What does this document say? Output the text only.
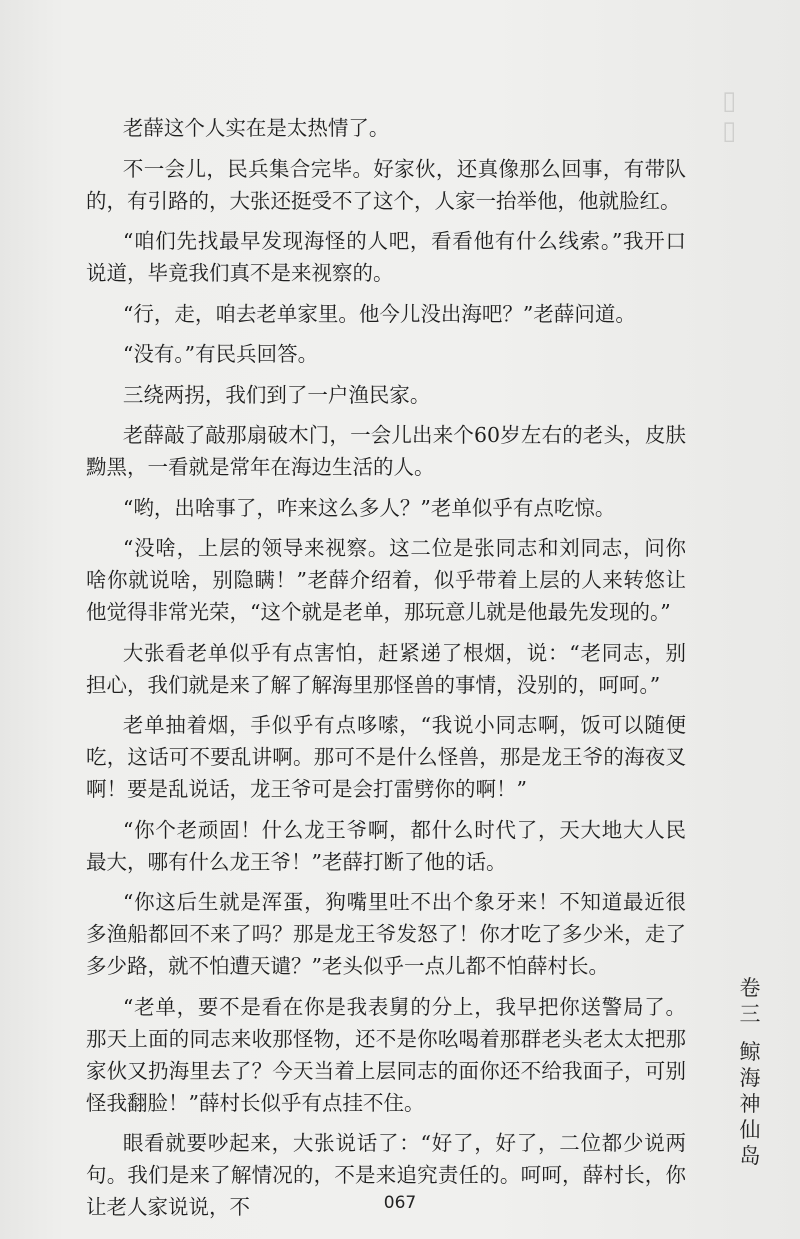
▯
▯

老薛这个人实在是太热情了。

不一会儿，民兵集合完毕。好家伙，还真像那么回事，有带队的，有引路的，大张还挺受不了这个，人家一抬举他，他就脸红。

“咱们先找最早发现海怪的人吧，看看他有什么线索。”我开口说道，毕竟我们真不是来视察的。

“行，走，咱去老单家里。他今儿没出海吧？”老薛问道。

“没有。”有民兵回答。

三绕两拐，我们到了一户渔民家。

老薛敲了敲那扇破木门，一会儿出来个60岁左右的老头，皮肤黝黑，一看就是常年在海边生活的人。

“哟，出啥事了，咋来这么多人？”老单似乎有点吃惊。

“没啥，上层的领导来视察。这二位是张同志和刘同志，问你啥你就说啥，别隐瞒！”老薛介绍着，似乎带着上层的人来转悠让他觉得非常光荣，“这个就是老单，那玩意儿就是他最先发现的。”

大张看老单似乎有点害怕，赶紧递了根烟，说：“老同志，别担心，我们就是来了解了解海里那怪兽的事情，没别的，呵呵。”

老单抽着烟，手似乎有点哆嗦，“我说小同志啊，饭可以随便吃，这话可不要乱讲啊。那可不是什么怪兽，那是龙王爷的海夜叉啊！要是乱说话，龙王爷可是会打雷劈你的啊！”

“你个老顽固！什么龙王爷啊，都什么时代了，天大地大人民最大，哪有什么龙王爷！”老薛打断了他的话。

“你这后生就是浑蛋，狗嘴里吐不出个象牙来！不知道最近很多渔船都回不来了吗？那是龙王爷发怒了！你才吃了多少米，走了多少路，就不怕遭天谴？”老头似乎一点儿都不怕薛村长。

“老单，要不是看在你是我表舅的分上，我早把你送警局了。那天上面的同志来收那怪物，还不是你吆喝着那群老头老太太把那家伙又扔海里去了？今天当着上层同志的面你还不给我面子，可别怪我翻脸！”薛村长似乎有点挂不住。

眼看就要吵起来，大张说话了：“好了，好了，二位都少说两句。我们是来了解情况的，不是来追究责任的。呵呵，薛村长，你让老人家说说，不

卷
三
鲸
海
神
仙
岛
067
